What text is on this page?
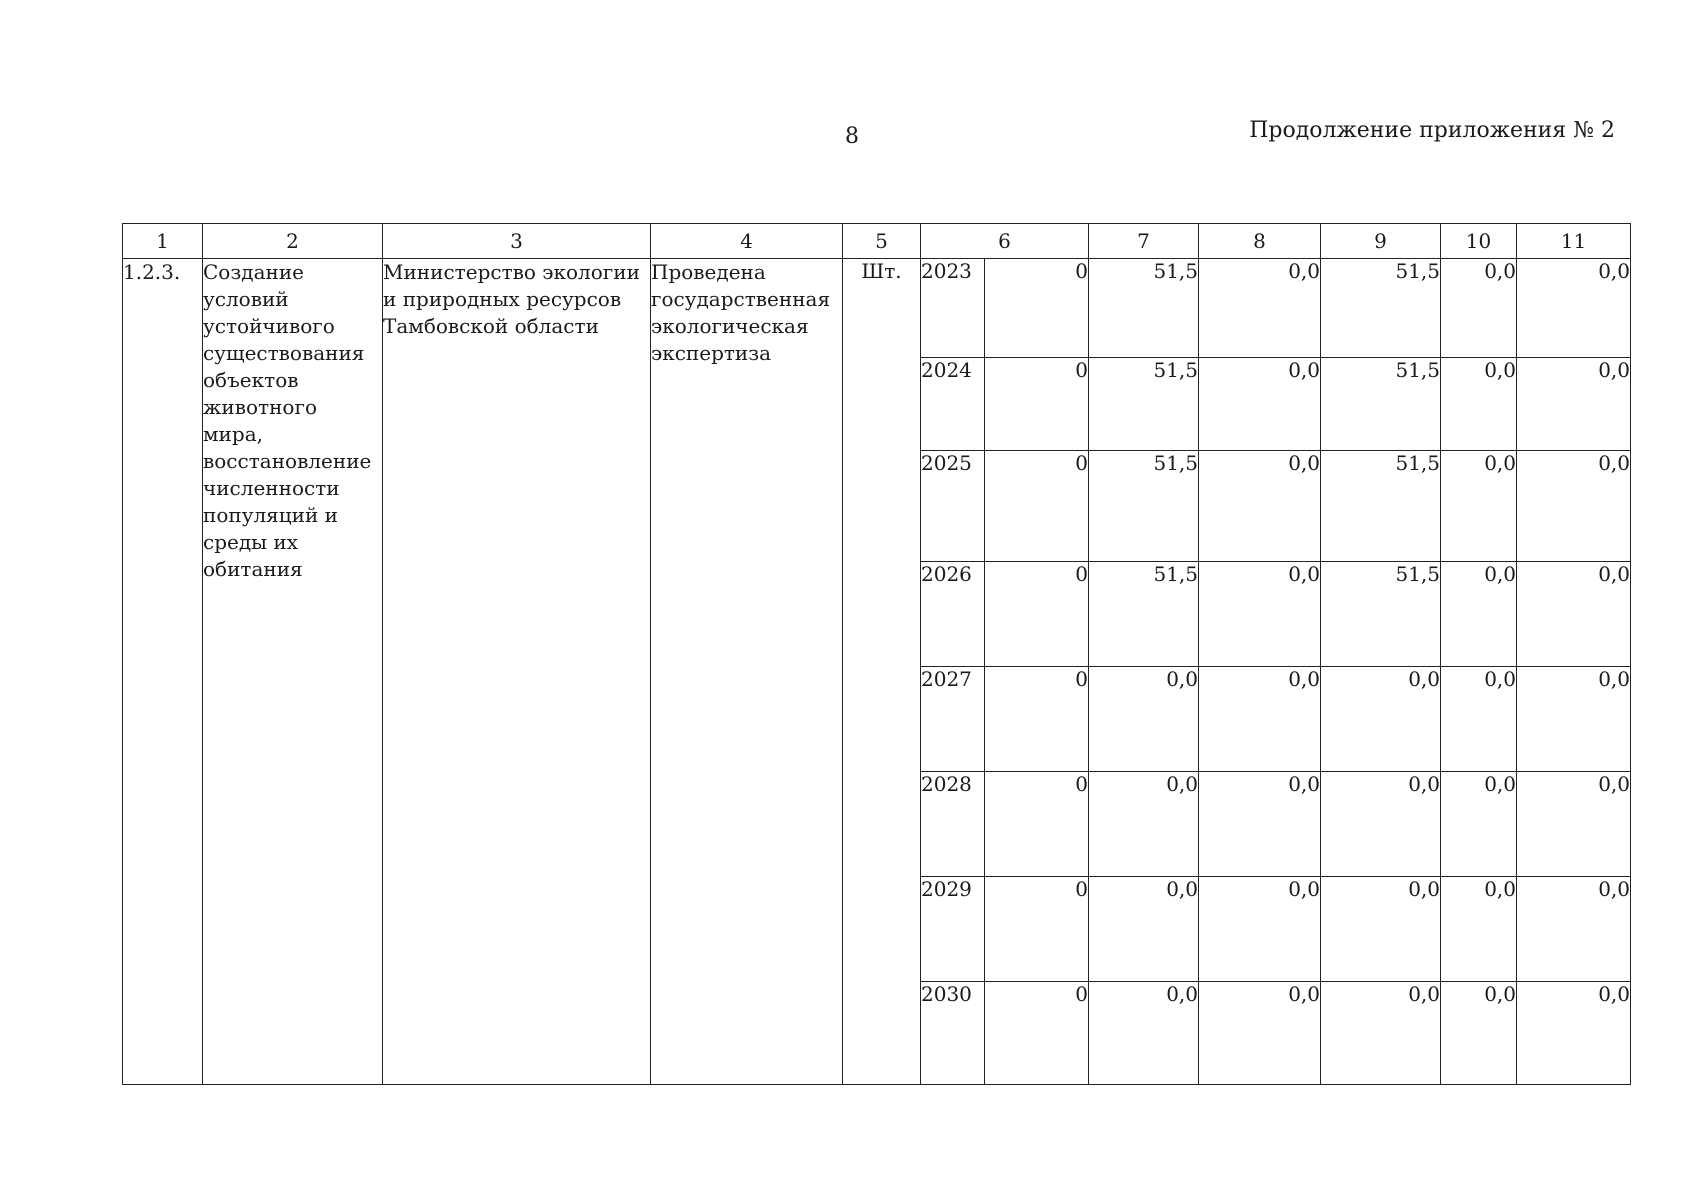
8	Продолжение приложения № 2
1	2	3	4	5	6		7	8	9	10	11
1.2.3.	Создание условий устойчивого существования объектов животного мира, восстановление численности популяций и среды их обитания	Министерство экологии и природных ресурсов Тамбовской области	Проведена государственная экологическая экспертиза	Шт.	2023	0	51,5	0,0	51,5	0,0	0,0
					2024	0	51,5	0,0	51,5	0,0	0,0
					2025	0	51,5	0,0	51,5	0,0	0,0
					2026	0	51,5	0,0	51,5	0,0	0,0
					2027	0	0,0	0,0	0,0	0,0	0,0
					2028	0	0,0	0,0	0,0	0,0	0,0
					2029	0	0,0	0,0	0,0	0,0	0,0
					2030	0	0,0	0,0	0,0	0,0	0,0
